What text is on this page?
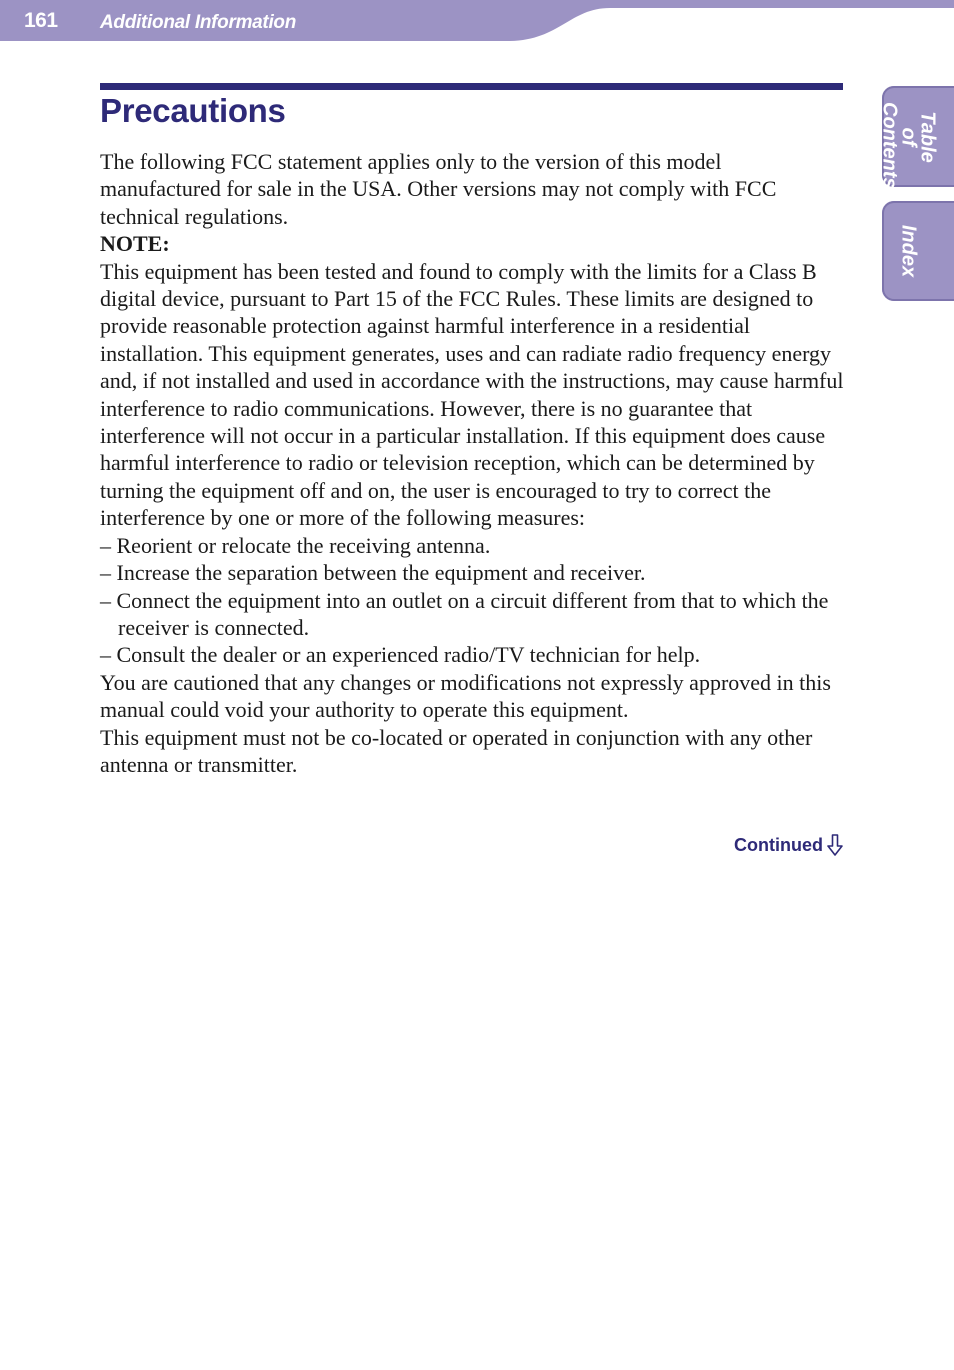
161 Additional Information
Table of Contents
Index
Precautions

The following FCC statement applies only to the version of this model manufactured for sale in the USA. Other versions may not comply with FCC technical regulations.

NOTE:

This equipment has been tested and found to comply with the limits for a Class B digital device, pursuant to Part 15 of the FCC Rules. These limits are designed to provide reasonable protection against harmful interference in a residential installation. This equipment generates, uses and can radiate radio frequency energy and, if not installed and used in accordance with the instructions, may cause harmful interference to radio communications. However, there is no guarantee that interference will not occur in a particular installation. If this equipment does cause harmful interference to radio or television reception, which can be determined by turning the equipment off and on, the user is encouraged to try to correct the interference by one or more of the following measures:

– Reorient or relocate the receiving antenna.

– Increase the separation between the equipment and receiver.

– Connect the equipment into an outlet on a circuit different from that to which the receiver is connected.

– Consult the dealer or an experienced radio/TV technician for help.

You are cautioned that any changes or modifications not expressly approved in this manual could void your authority to operate this equipment.

This equipment must not be co-located or operated in conjunction with any other antenna or transmitter.

Continued
